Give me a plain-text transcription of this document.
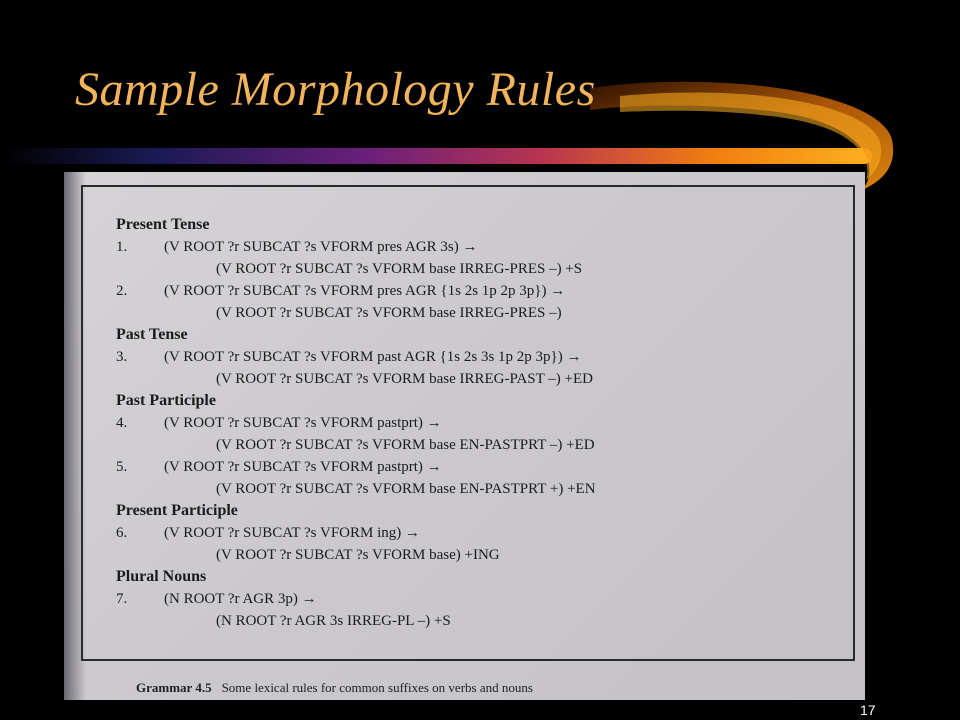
Sample Morphology Rules
Present Tense
1. (V ROOT ?r SUBCAT ?s VFORM pres AGR 3s) →
(V ROOT ?r SUBCAT ?s VFORM base IRREG-PRES –) +S
2. (V ROOT ?r SUBCAT ?s VFORM pres AGR {1s 2s 1p 2p 3p}) →
(V ROOT ?r SUBCAT ?s VFORM base IRREG-PRES –)
Past Tense
3. (V ROOT ?r SUBCAT ?s VFORM past AGR {1s 2s 3s 1p 2p 3p}) →
(V ROOT ?r SUBCAT ?s VFORM base IRREG-PAST –) +ED
Past Participle
4. (V ROOT ?r SUBCAT ?s VFORM pastprt) →
(V ROOT ?r SUBCAT ?s VFORM base EN-PASTPRT –) +ED
5. (V ROOT ?r SUBCAT ?s VFORM pastprt) →
(V ROOT ?r SUBCAT ?s VFORM base EN-PASTPRT +) +EN
Present Participle
6. (V ROOT ?r SUBCAT ?s VFORM ing) →
(V ROOT ?r SUBCAT ?s VFORM base) +ING
Plural Nouns
7. (N ROOT ?r AGR 3p) →
(N ROOT ?r AGR 3s IRREG-PL –) +S
Grammar 4.5 Some lexical rules for common suffixes on verbs and nouns
17
